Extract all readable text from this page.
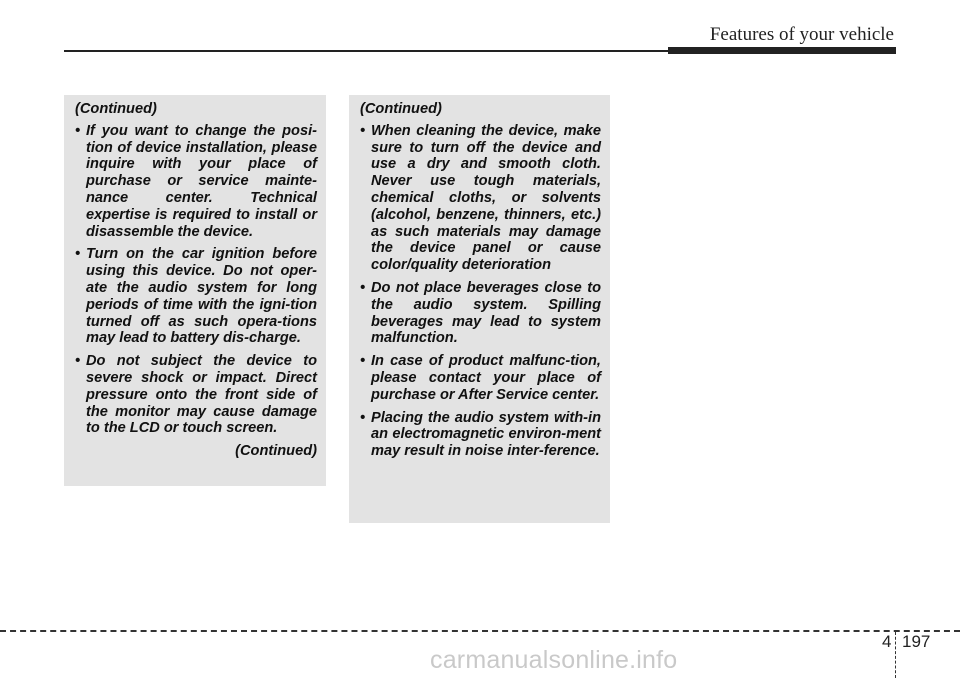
Features of your vehicle
(Continued)
• If you want to change the posi-tion of device installation, please inquire with your place of purchase or service mainte-nance center. Technical expertise is required to install or disassemble the device.
• Turn on the car ignition before using this device. Do not oper-ate the audio system for long periods of time with the igni-tion turned off as such opera-tions may lead to battery dis-charge.
• Do not subject the device to severe shock or impact. Direct pressure onto the front side of the monitor may cause damage to the LCD or touch screen.
(Continued)
(Continued)
• When cleaning the device, make sure to turn off the device and use a dry and smooth cloth. Never use tough materials, chemical cloths, or solvents (alcohol, benzene, thinners, etc.) as such materials may damage the device panel or cause color/quality deterioration
• Do not place beverages close to the audio system. Spilling beverages may lead to system malfunction.
• In case of product malfunc-tion, please contact your place of purchase or After Service center.
• Placing the audio system with-in an electromagnetic environ-ment may result in noise inter-ference.
4 197
carmanualsonline.info
